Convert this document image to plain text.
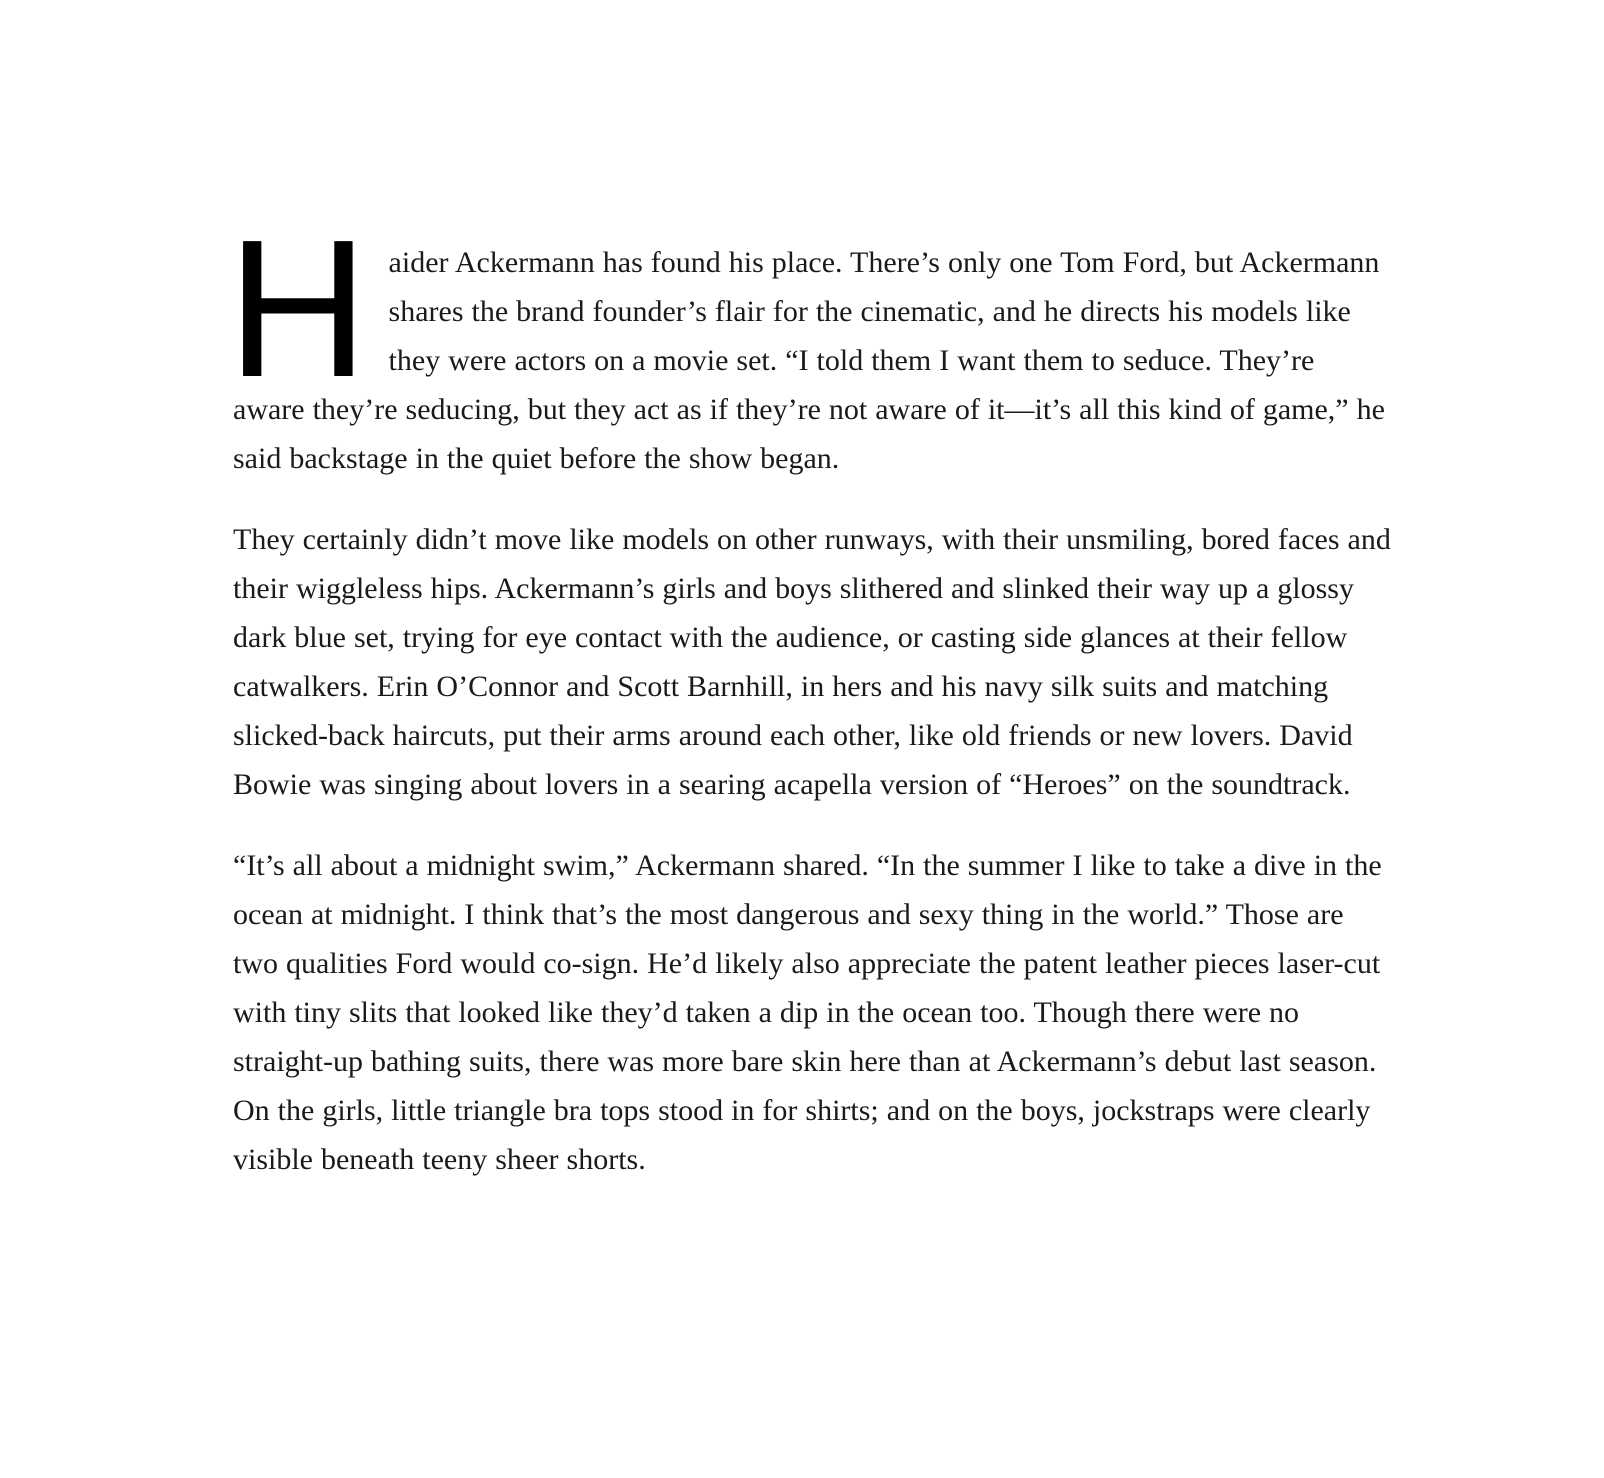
Haider Ackermann has found his place. There’s only one Tom Ford, but Ackermann shares the brand founder’s flair for the cinematic, and he directs his models like they were actors on a movie set. “I told them I want them to seduce. They’re aware they’re seducing, but they act as if they’re not aware of it—it’s all this kind of game,” he said backstage in the quiet before the show began.

They certainly didn’t move like models on other runways, with their unsmiling, bored faces and their wiggleless hips. Ackermann’s girls and boys slithered and slinked their way up a glossy dark blue set, trying for eye contact with the audience, or casting side glances at their fellow catwalkers. Erin O’Connor and Scott Barnhill, in hers and his navy silk suits and matching slicked-back haircuts, put their arms around each other, like old friends or new lovers. David Bowie was singing about lovers in a searing acapella version of “Heroes” on the soundtrack.

“It’s all about a midnight swim,” Ackermann shared. “In the summer I like to take a dive in the ocean at midnight. I think that’s the most dangerous and sexy thing in the world.” Those are two qualities Ford would co-sign. He’d likely also appreciate the patent leather pieces laser-cut with tiny slits that looked like they’d taken a dip in the ocean too. Though there were no straight-up bathing suits, there was more bare skin here than at Ackermann’s debut last season. On the girls, little triangle bra tops stood in for shirts; and on the boys, jockstraps were clearly visible beneath teeny sheer shorts.
